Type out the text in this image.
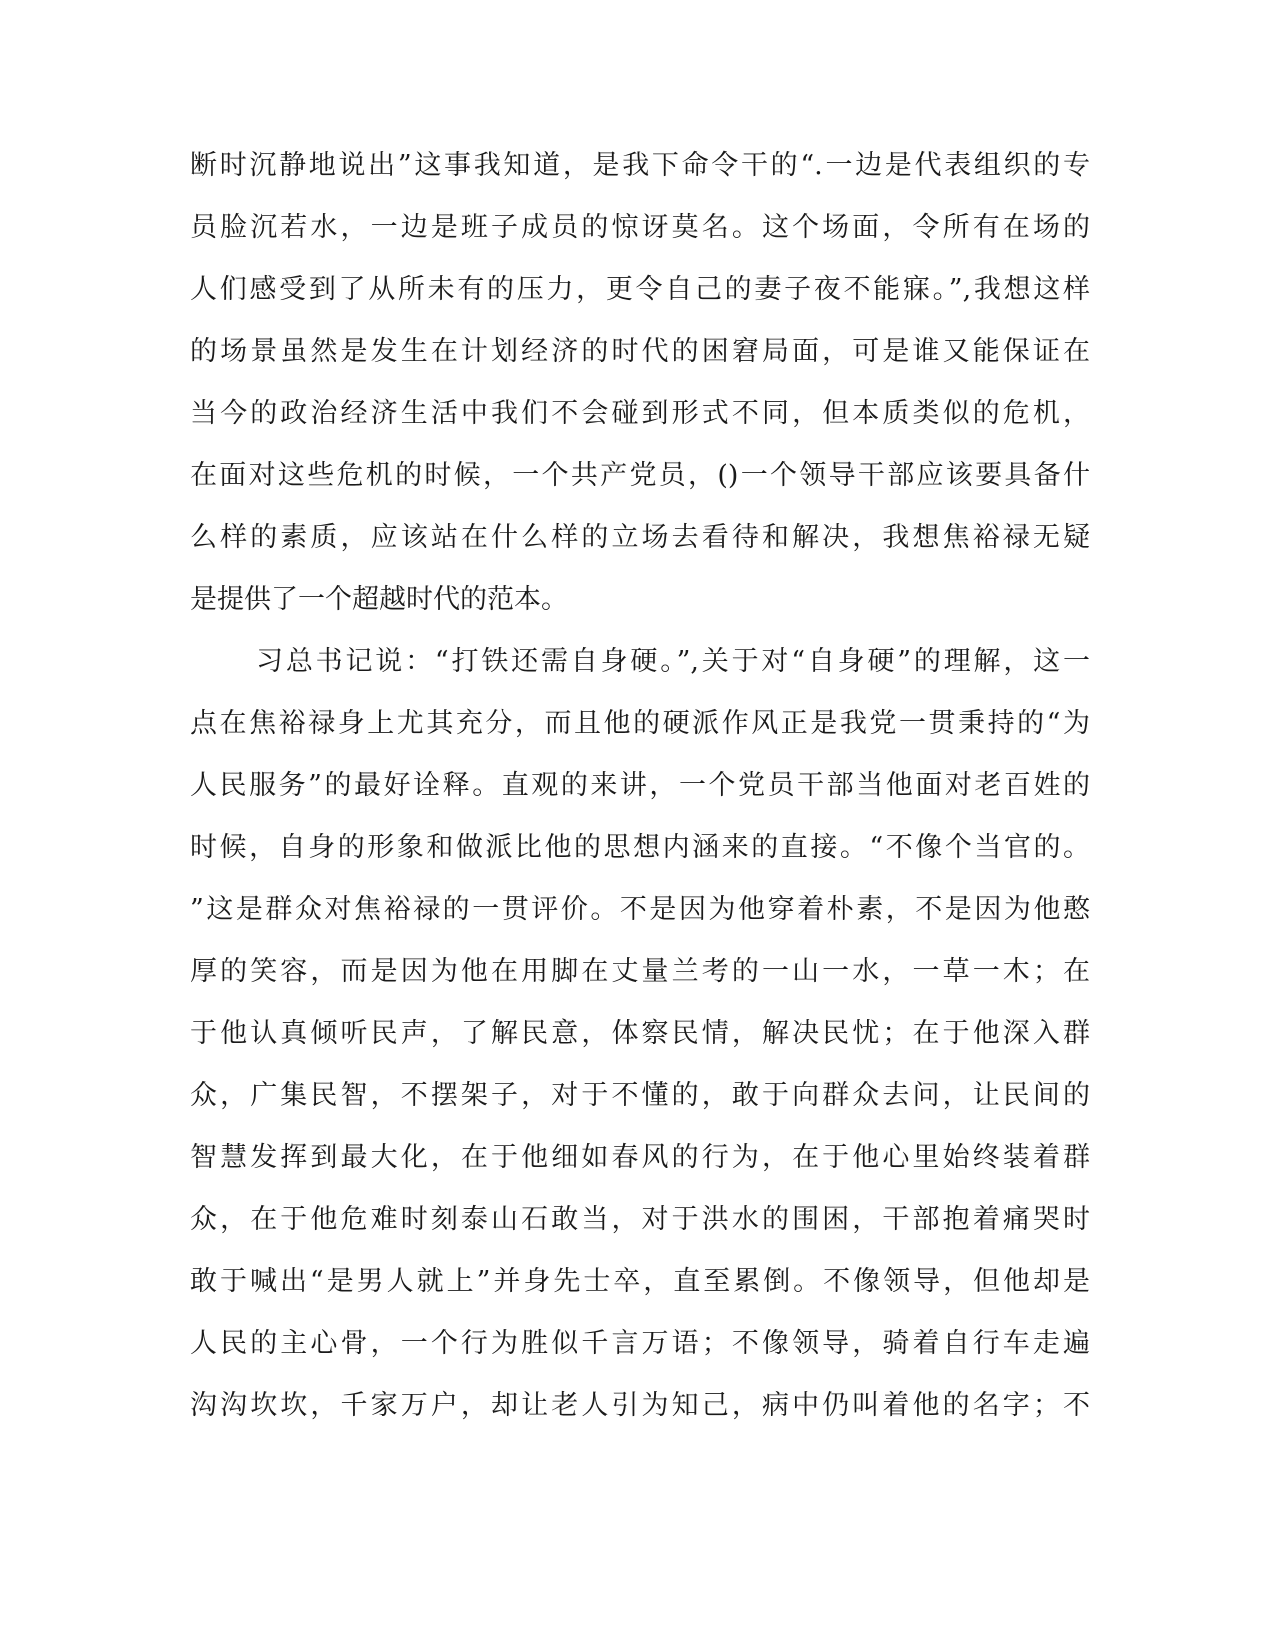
断时沉静地说出”这事我知道，是我下命令干的“.一边是代表组织的专
员脸沉若水，一边是班子成员的惊讶莫名。这个场面，令所有在场的
人们感受到了从所未有的压力，更令自己的妻子夜不能寐。”,我想这样
的场景虽然是发生在计划经济的时代的困窘局面，可是谁又能保证在
当今的政治经济生活中我们不会碰到形式不同，但本质类似的危机，
在面对这些危机的时候，一个共产党员，()一个领导干部应该要具备什
么样的素质，应该站在什么样的立场去看待和解决，我想焦裕禄无疑
是提供了一个超越时代的范本。
习总书记说：“打铁还需自身硬。”,关于对“自身硬”的理解，这一
点在焦裕禄身上尤其充分，而且他的硬派作风正是我党一贯秉持的“为
人民服务”的最好诠释。直观的来讲，一个党员干部当他面对老百姓的
时候，自身的形象和做派比他的思想内涵来的直接。“不像个当官的。
”这是群众对焦裕禄的一贯评价。不是因为他穿着朴素，不是因为他憨
厚的笑容，而是因为他在用脚在丈量兰考的一山一水，一草一木；在
于他认真倾听民声，了解民意，体察民情，解决民忧；在于他深入群
众，广集民智，不摆架子，对于不懂的，敢于向群众去问，让民间的
智慧发挥到最大化，在于他细如春风的行为，在于他心里始终装着群
众，在于他危难时刻泰山石敢当，对于洪水的围困，干部抱着痛哭时
敢于喊出“是男人就上”并身先士卒，直至累倒。不像领导，但他却是
人民的主心骨，一个行为胜似千言万语；不像领导，骑着自行车走遍
沟沟坎坎，千家万户，却让老人引为知己，病中仍叫着他的名字；不
